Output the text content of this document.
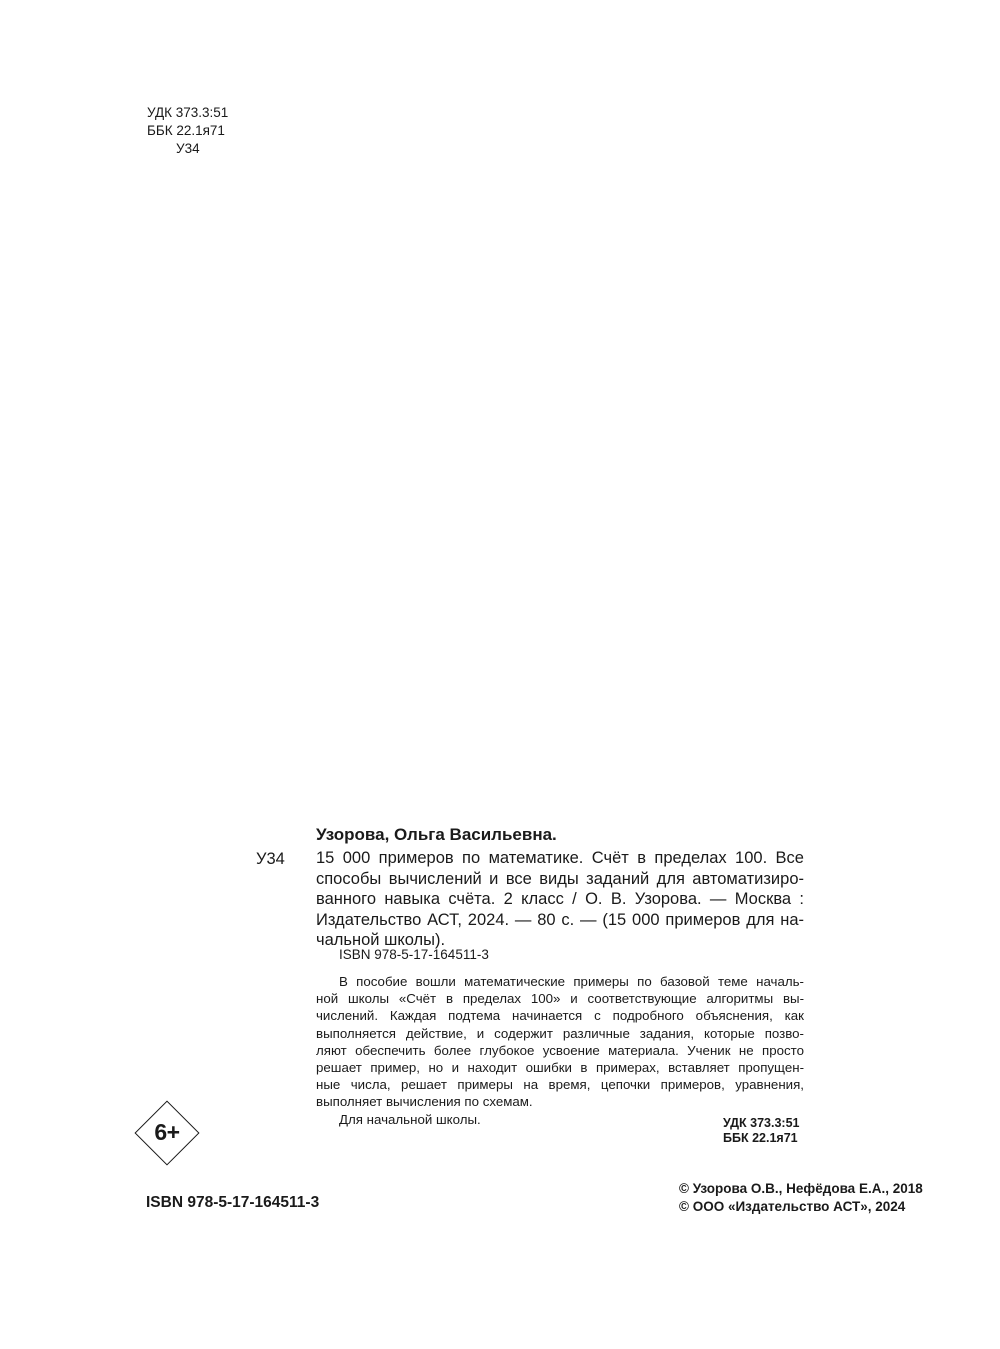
УДК 373.3:51
ББК 22.1я71
У34
Узорова, Ольга Васильевна.
У34 15 000 примеров по математике. Счёт в пределах 100. Все
способы вычислений и все виды заданий для автоматизиро-
ванного навыка счёта. 2 класс / О. В. Узорова. — Москва :
Издательство АСТ, 2024. — 80 с. — (15 000 примеров для на-
чальной школы).
ISBN 978-5-17-164511-3
В пособие вошли математические примеры по базовой теме началь-
ной школы «Счёт в пределах 100» и соответствующие алгоритмы вы-
числений. Каждая подтема начинается с подробного объяснения, как
выполняется действие, и содержит различные задания, которые позво-
ляют обеспечить более глубокое усвоение материала. Ученик не просто
решает пример, но и находит ошибки в примерах, вставляет пропущен-
ные числа, решает примеры на время, цепочки примеров, уравнения,
выполняет вычисления по схемам.
Для начальной школы.
6+	УДК 373.3:51
ББК 22.1я71
ISBN 978-5-17-164511-3
© Узорова О.В., Нефёдова Е.А., 2018
© ООО «Издательство АСТ», 2024
